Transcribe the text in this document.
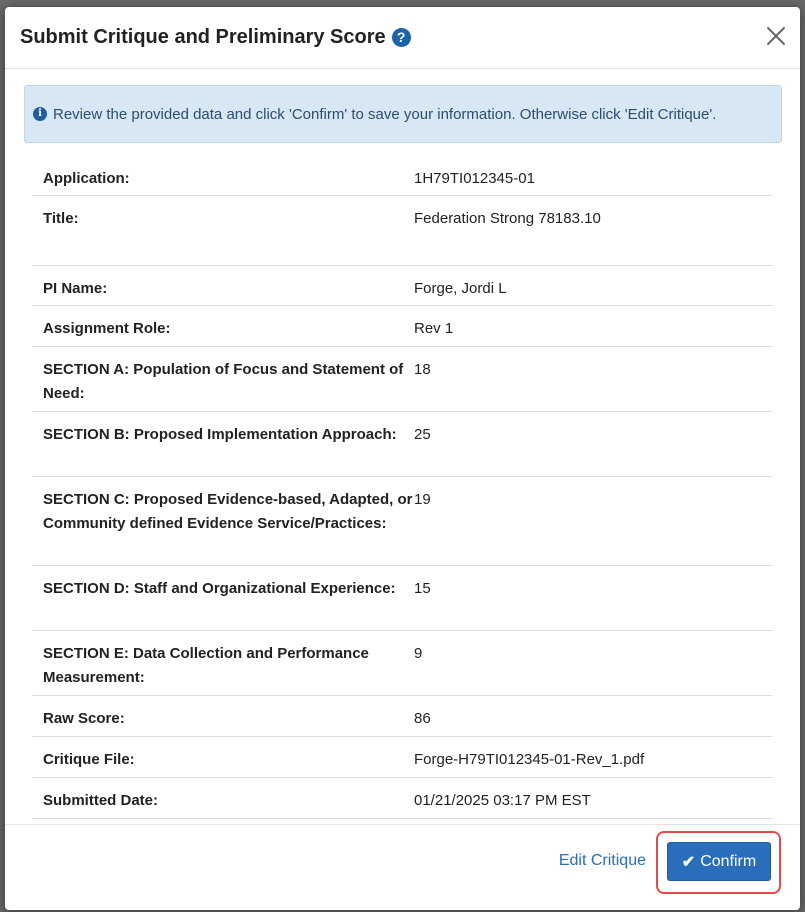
Submit Critique and Preliminary Score ?
i Review the provided data and click 'Confirm' to save your information. Otherwise click 'Edit Critique'.
Application:	1H79TI012345-01
Title:	Federation Strong 78183.10
PI Name:	Forge, Jordi L
Assignment Role:	Rev 1
SECTION A: Population of Focus and Statement of Need:
18
SECTION B: Proposed Implementation Approach:	25
SECTION C: Proposed Evidence-based, Adapted, or Community defined Evidence Service/Practices:
19
SECTION D: Staff and Organizational Experience:	15
SECTION E: Data Collection and Performance Measurement:
9
Raw Score:	86
Critique File:	Forge-H79TI012345-01-Rev_1.pdf
Submitted Date:	01/21/2025 03:17 PM EST
Edit Critique ✔ Confirm
